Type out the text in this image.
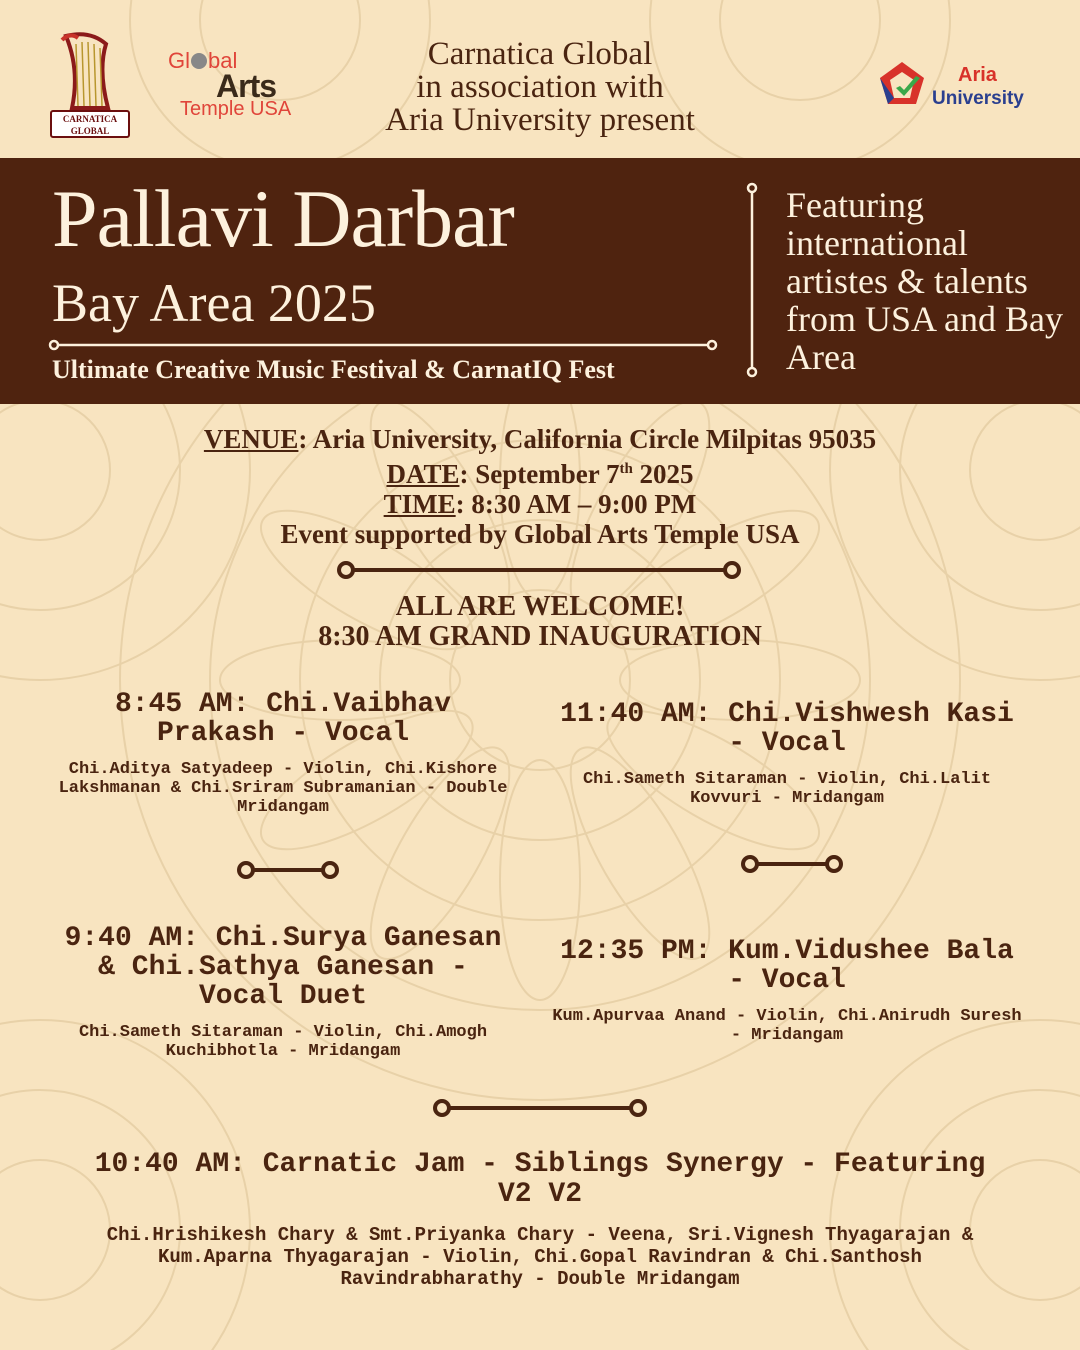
CARNATICA
GLOBAL
Gl bal
Arts
Temple USA
Carnatica Global
in association with
Aria University present
Aria
University
Pallavi Darbar
Bay Area 2025
Ultimate Creative Music Festival & CarnatIQ Fest
Featuring international artistes & talents from USA and Bay Area
VENUE: Aria University, California Circle Milpitas 95035
DATE: September 7th 2025
TIME: 8:30 AM – 9:00 PM
Event supported by Global Arts Temple USA
ALL ARE WELCOME!
8:30 AM GRAND INAUGURATION
8:45 AM: Chi.Vaibhav Prakash - Vocal
Chi.Aditya Satyadeep - Violin, Chi.Kishore Lakshmanan & Chi.Sriram Subramanian - Double Mridangam
11:40 AM: Chi.Vishwesh Kasi - Vocal
Chi.Sameth Sitaraman - Violin, Chi.Lalit Kovvuri - Mridangam
9:40 AM: Chi.Surya Ganesan & Chi.Sathya Ganesan - Vocal Duet
Chi.Sameth Sitaraman - Violin, Chi.Amogh Kuchibhotla - Mridangam
12:35 PM: Kum.Vidushee Bala - Vocal
Kum.Apurvaa Anand - Violin, Chi.Anirudh Suresh - Mridangam
10:40 AM: Carnatic Jam - Siblings Synergy - Featuring V2 V2
Chi.Hrishikesh Chary & Smt.Priyanka Chary - Veena, Sri.Vignesh Thyagarajan & Kum.Aparna Thyagarajan - Violin, Chi.Gopal Ravindran & Chi.Santhosh Ravindrabharathy - Double Mridangam
